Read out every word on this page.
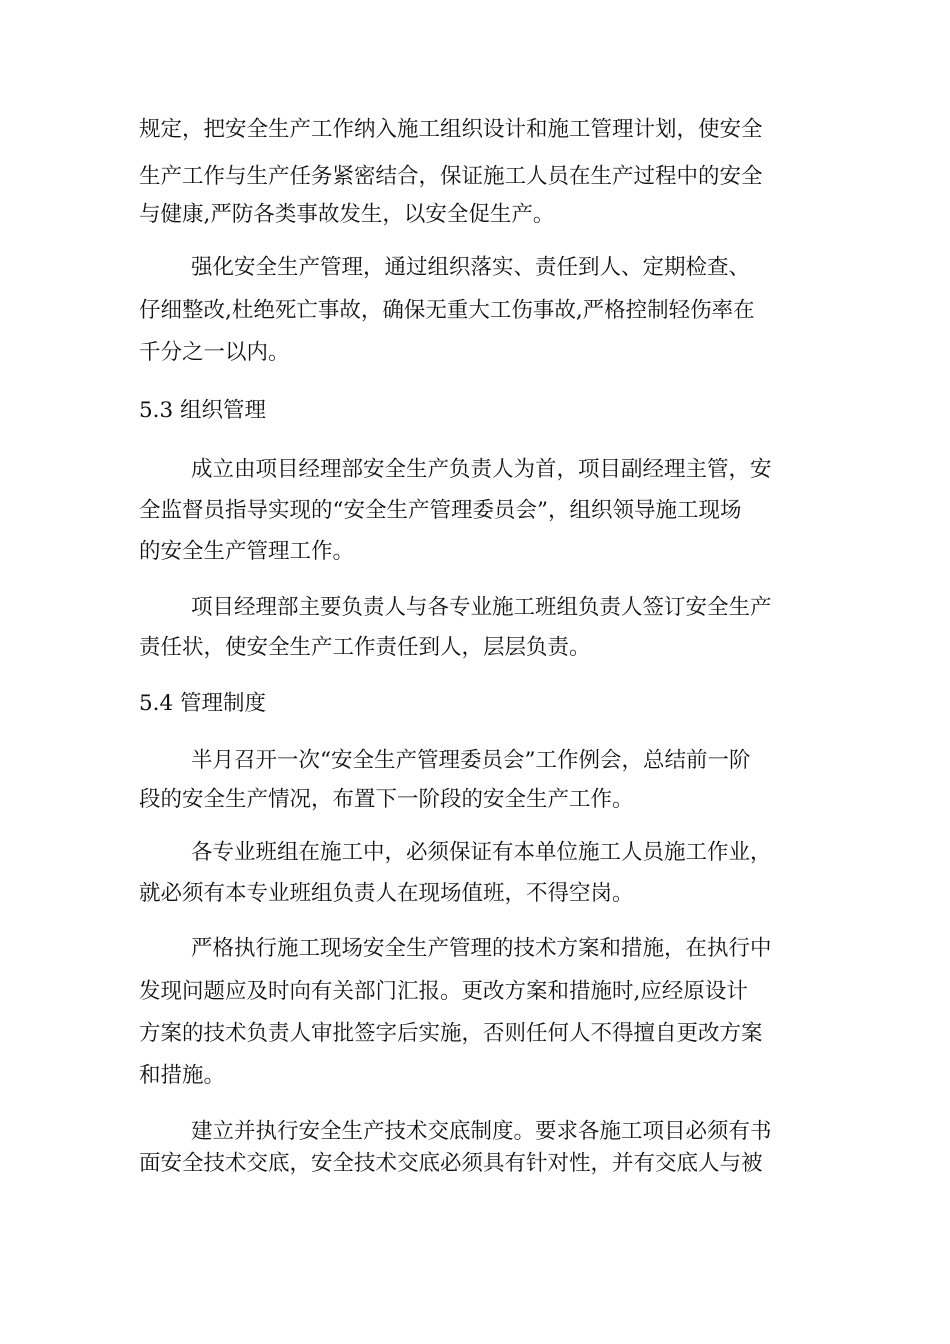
规定，把安全生产工作纳入施工组织设计和施工管理计划，使安全
生产工作与生产任务紧密结合，保证施工人员在生产过程中的安全
与健康,严防各类事故发生，以安全促生产。
强化安全生产管理，通过组织落实、责任到人、定期检查、
仔细整改,杜绝死亡事故，确保无重大工伤事故,严格控制轻伤率在
千分之一以内。
5.3 组织管理
成立由项目经理部安全生产负责人为首，项目副经理主管，安
全监督员指导实现的“安全生产管理委员会”，组织领导施工现场
的安全生产管理工作。
项目经理部主要负责人与各专业施工班组负责人签订安全生产
责任状，使安全生产工作责任到人，层层负责。
5.4 管理制度
半月召开一次“安全生产管理委员会”工作例会，总结前一阶
段的安全生产情况，布置下一阶段的安全生产工作。
各专业班组在施工中，必须保证有本单位施工人员施工作业，
就必须有本专业班组负责人在现场值班，不得空岗。
严格执行施工现场安全生产管理的技术方案和措施，在执行中
发现问题应及时向有关部门汇报。更改方案和措施时,应经原设计
方案的技术负责人审批签字后实施，否则任何人不得擅自更改方案
和措施。
建立并执行安全生产技术交底制度。要求各施工项目必须有书
面安全技术交底，安全技术交底必须具有针对性，并有交底人与被
